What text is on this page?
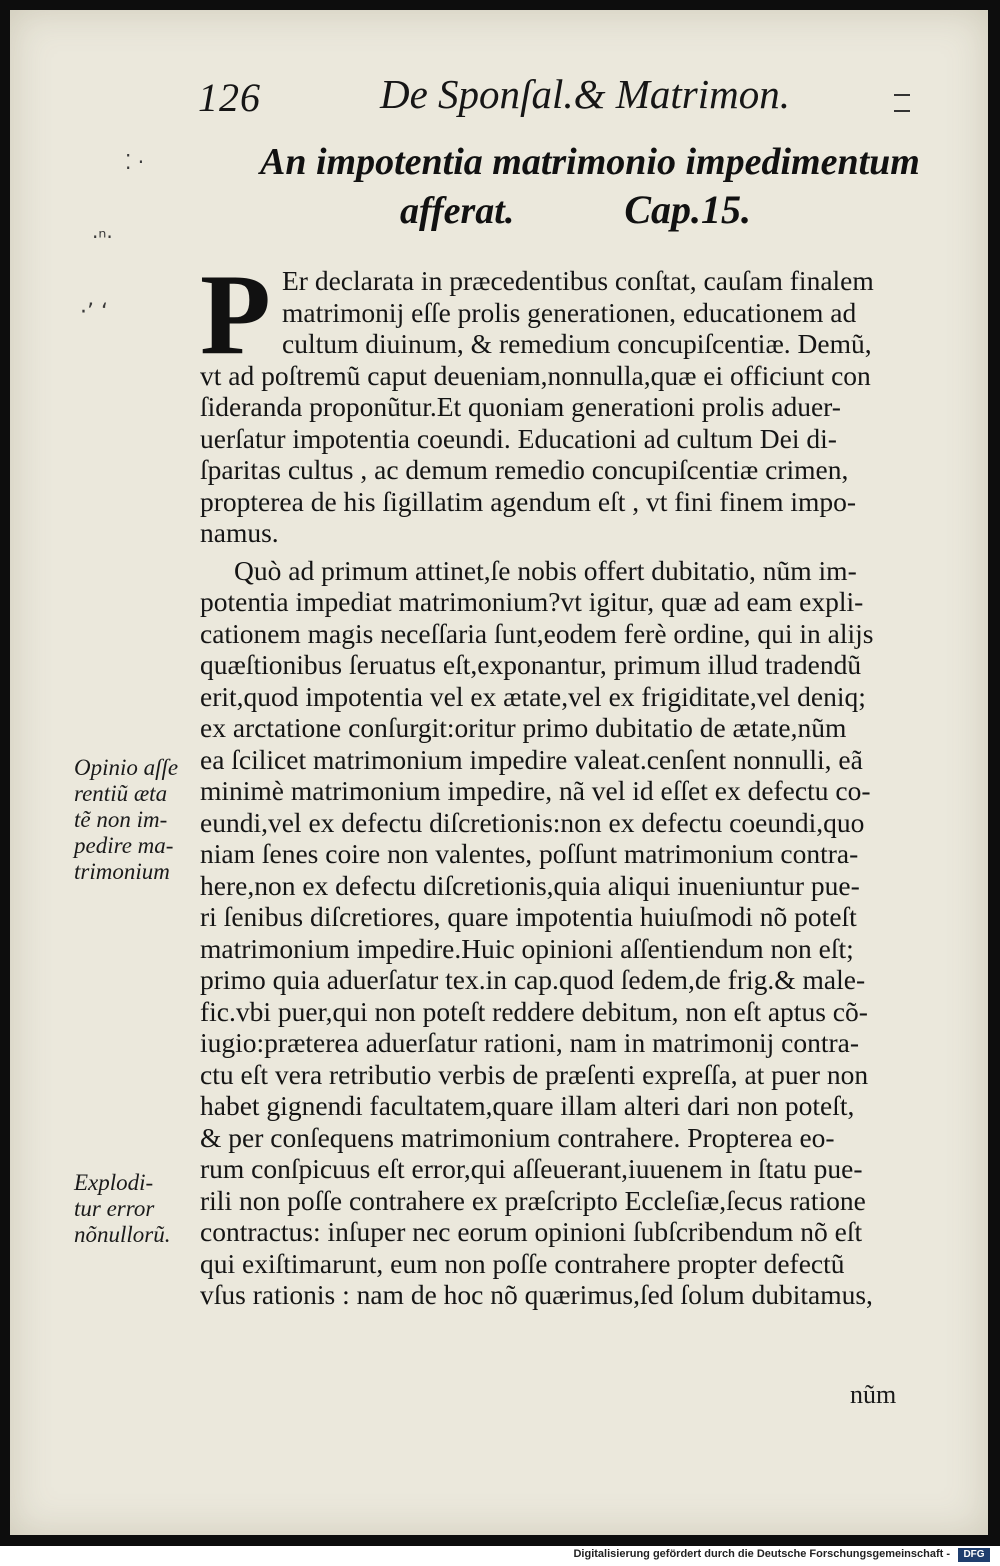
126	De Sponſal.& Matrimon.
⁚ ·
·ⁿ·
·’ ‘
An impotentia matrimonio impedimentum
afferat.	Cap.15.
P Er declarata in præcedentibus conſtat, cauſam finalem
matrimonij eſſe prolis generationen, educationem ad
cultum diuinum, & remedium concupiſcentiæ. Demũ,
vt ad poſtremũ caput deueniam,nonnulla,quæ ei officiunt con
ſideranda proponũtur.Et quoniam generationi prolis aduer-
uerſatur impotentia coeundi. Educationi ad cultum Dei di-
ſparitas cultus , ac demum remedio concupiſcentiæ crimen,
propterea de his ſigillatim agendum eſt , vt fini finem impo-
namus.
Quò ad primum attinet,ſe nobis offert dubitatio, nũm im-
potentia impediat matrimonium?vt igitur, quæ ad eam expli-
cationem magis neceſſaria ſunt,eodem ferè ordine, qui in alijs
quæſtionibus ſeruatus eſt,exponantur, primum illud tradendũ
erit,quod impotentia vel ex ætate,vel ex frigiditate,vel deniq;
ex arctatione conſurgit:oritur primo dubitatio de ætate,nũm
ea ſcilicet matrimonium impedire valeat.cenſent nonnulli, eã
minimè matrimonium impedire, nã vel id eſſet ex defectu co-
eundi,vel ex defectu diſcretionis:non ex defectu coeundi,quo
niam ſenes coire non valentes, poſſunt matrimonium contra-
here,non ex defectu diſcretionis,quia aliqui inueniuntur pue-
ri ſenibus diſcretiores, quare impotentia huiuſmodi nõ poteſt
matrimonium impedire.Huic opinioni aſſentiendum non eſt;
primo quia aduerſatur tex.in cap.quod ſedem,de frig.& male-
fic.vbi puer,qui non poteſt reddere debitum, non eſt aptus cõ-
iugio:præterea aduerſatur rationi, nam in matrimonij contra-
ctu eſt vera retributio verbis de præſenti expreſſa, at puer non
habet gignendi facultatem,quare illam alteri dari non poteſt,
& per conſequens matrimonium contrahere. Propterea eo-
rum conſpicuus eſt error,qui aſſeuerant,iuuenem in ſtatu pue-
rili non poſſe contrahere ex præſcripto Eccleſiæ,ſecus ratione
contractus: inſuper nec eorum opinioni ſubſcribendum nõ eſt
qui exiſtimarunt, eum non poſſe contrahere propter defectũ
vſus rationis : nam de hoc nõ quærimus,ſed ſolum dubitamus,
nũm
Opinio aſſe
rentiũ æta
tẽ non im-
pedire ma-
trimonium
Explodi-
tur error
nõnullorũ.
Digitalisierung gefördert durch die Deutsche Forschungsgemeinschaft -	DFG
